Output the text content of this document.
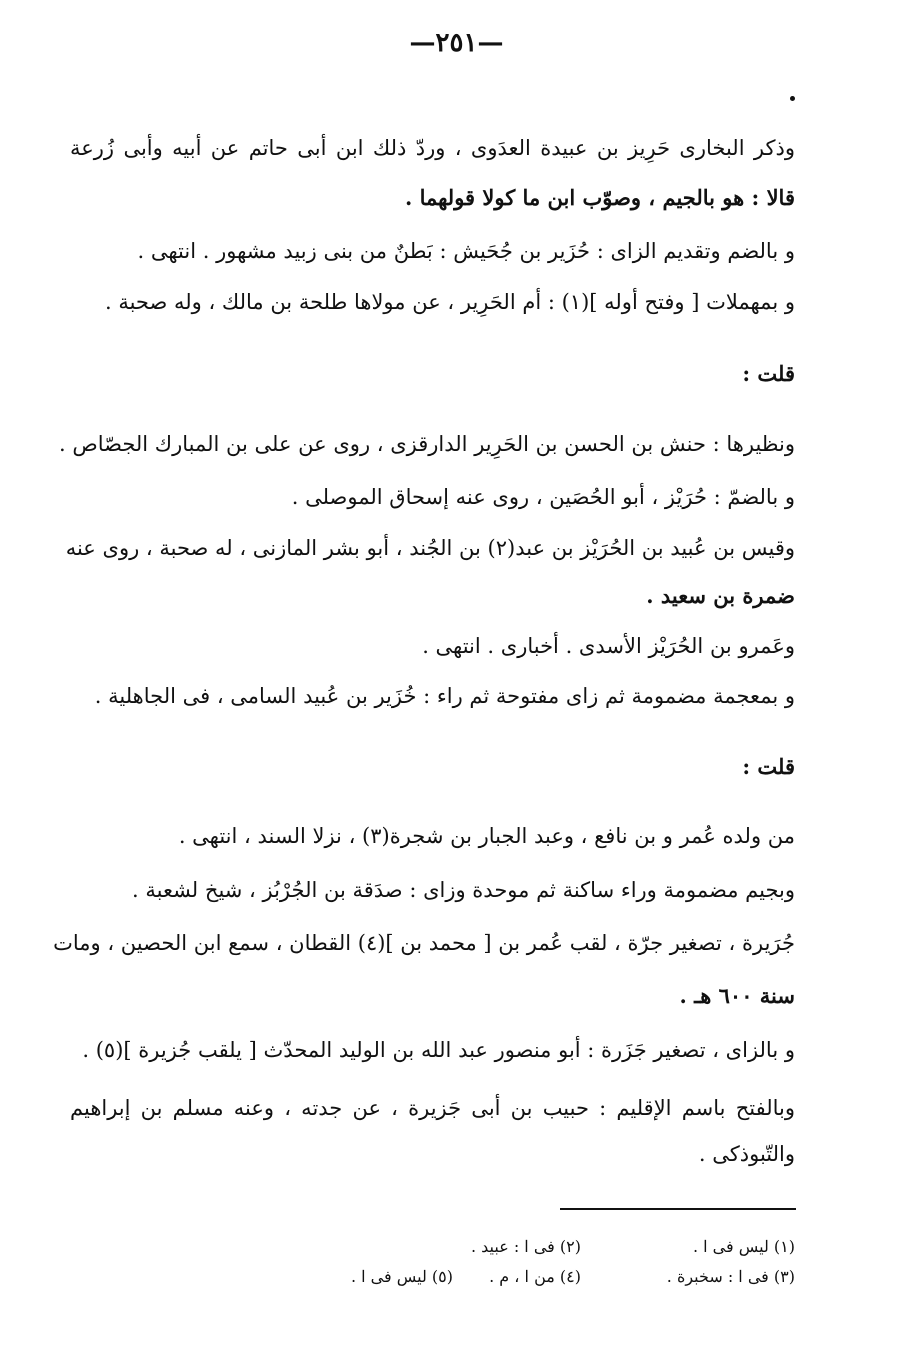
—٢٥١—
وذكر البخارى حَرِيز بن عبيدة العدَوى ، وردّ ذلك ابن أبى حاتم عن أبيه وأبى زُرعة
قالا : هو بالجيم ، وصوّب ابن ما كولا قولهما .
و بالضم وتقديم الزاى : حُزَير بن جُحَيش : بَطنٌ من بنى زبيد مشهور . انتهى .
و بمهملات [ وفتح أوله ](١) : أم الحَرِير ، عن مولاها طلحة بن مالك ، وله صحبة .
قلت :
ونظيرها : حنش بن الحسن بن الحَرِير الدارقزى ، روى عن على بن المبارك الجصّاص .
و بالضمّ : حُرَيْز ، أبو الحُصَين ، روى عنه إسحاق الموصلى .
وقيس بن عُبيد بن الحُرَيْز بن عبد(٢) بن الجُند ، أبو بشر المازنى ، له صحبة ، روى عنه
ضمرة بن سعيد .
وعَمرو بن الحُرَيْز الأسدى . أخبارى . انتهى .
و بمعجمة مضمومة ثم زاى مفتوحة ثم راء : خُزَير بن عُبيد السامى ، فى الجاهلية .
قلت :
من ولده عُمر و بن نافع ، وعبد الجبار بن شجرة(٣) ، نزلا السند ، انتهى .
وبجيم مضمومة وراء ساكنة ثم موحدة وزاى : صدَقة بن الجُرْبُز ، شيخ لشعبة .
جُرَيرة ، تصغير جرّة ، لقب عُمر بن [ محمد بن ](٤) القطان ، سمع ابن الحصين ، ومات
سنة ٦٠٠ هـ .
و بالزاى ، تصغير جَزَرة : أبو منصور عبد الله بن الوليد المحدّث [ يلقب جُزيرة ](٥) .
وبالفتح باسم الإقليم : حبيب بن أبى جَزيرة ، عن جدته ، وعنه مسلم بن إبراهيم
والتّبوذكى .
(١) ليس فى ا .
(٢) فى ا : عبيد .
(٣) فى ا : سخبرة .
(٤) من ا ، م .
(٥) ليس فى ا .
